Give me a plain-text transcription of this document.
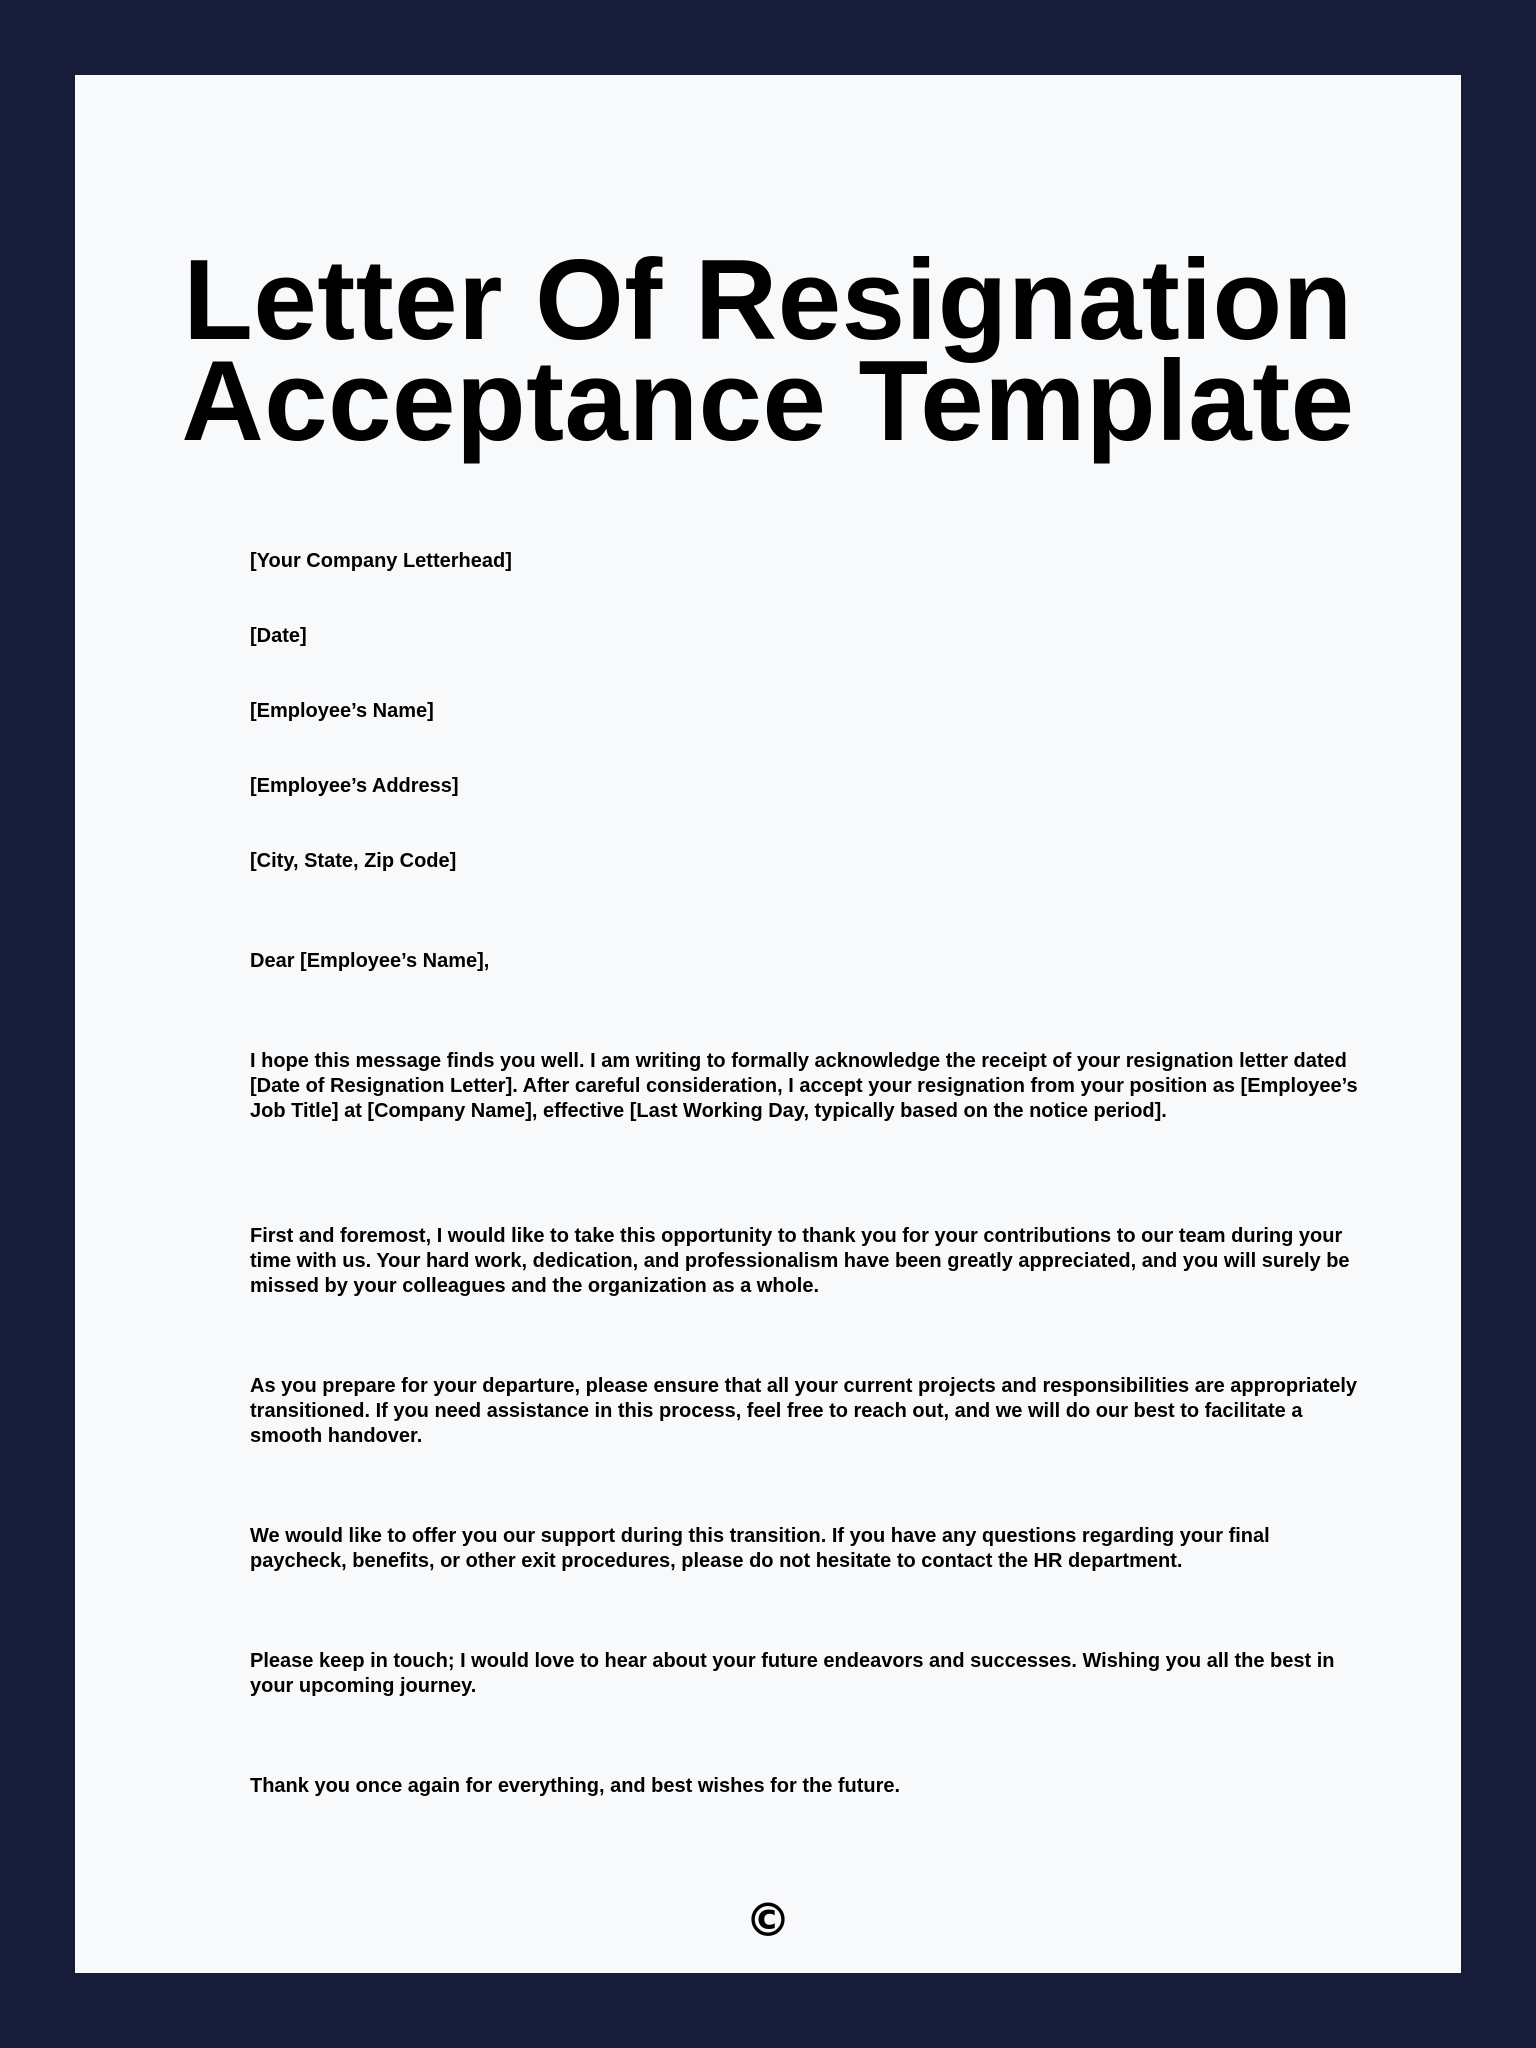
Letter Of Resignation
Acceptance Template

[Your Company Letterhead]

[Date]

[Employee’s Name]

[Employee’s Address]

[City, State, Zip Code]

Dear [Employee’s Name],

I hope this message finds you well. I am writing to formally acknowledge the receipt of your resignation letter dated [Date of Resignation Letter]. After careful consideration, I accept your resignation from your position as [Employee’s Job Title] at [Company Name], effective [Last Working Day, typically based on the notice period].

First and foremost, I would like to take this opportunity to thank you for your contributions to our team during your time with us. Your hard work, dedication, and professionalism have been greatly appreciated, and you will surely be missed by your colleagues and the organization as a whole.

As you prepare for your departure, please ensure that all your current projects and responsibilities are appropriately transitioned. If you need assistance in this process, feel free to reach out, and we will do our best to facilitate a smooth handover.

We would like to offer you our support during this transition. If you have any questions regarding your final paycheck, benefits, or other exit procedures, please do not hesitate to contact the HR department.

Please keep in touch; I would love to hear about your future endeavors and successes. Wishing you all the best in your upcoming journey.

Thank you once again for everything, and best wishes for the future.

©
